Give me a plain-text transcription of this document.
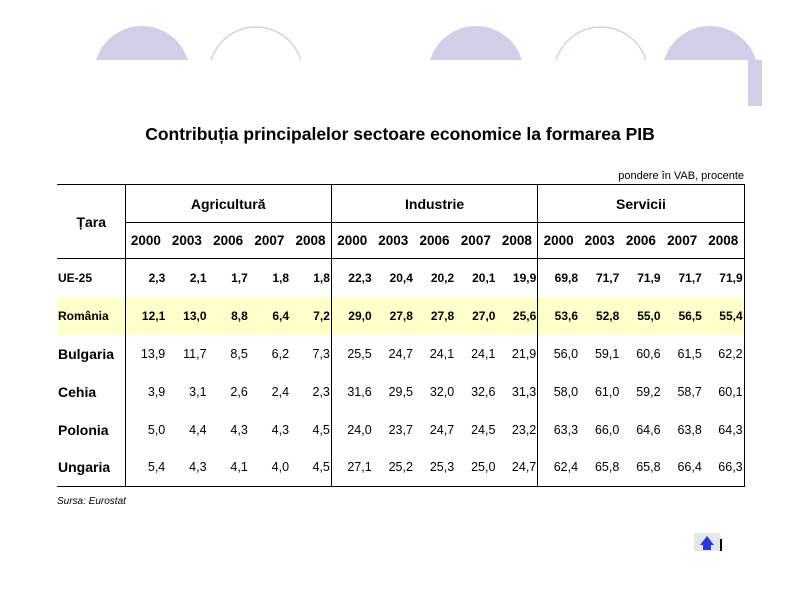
Contribuția principalelor sectoare economice la formarea PIB
pondere în VAB, procente
Țara	Agricultură					Industrie					Servicii				
	2000	2003	2006	2007	2008	2000	2003	2006	2007	2008	2000	2003	2006	2007	2008
UE-25	2,3	2,1	1,7	1,8	1,8	22,3	20,4	20,2	20,1	19,9	69,8	71,7	71,9	71,7	71,9
România	12,1	13,0	8,8	6,4	7,2	29,0	27,8	27,8	27,0	25,6	53,6	52,8	55,0	56,5	55,4
Bulgaria	13,9	11,7	8,5	6,2	7,3	25,5	24,7	24,1	24,1	21,9	56,0	59,1	60,6	61,5	62,2
Cehia	3,9	3,1	2,6	2,4	2,3	31,6	29,5	32,0	32,6	31,3	58,0	61,0	59,2	58,7	60,1
Polonia	5,0	4,4	4,3	4,3	4,5	24,0	23,7	24,7	24,5	23,2	63,3	66,0	64,6	63,8	64,3
Ungaria	5,4	4,3	4,1	4,0	4,5	27,1	25,2	25,3	25,0	24,7	62,4	65,8	65,8	66,4	66,3
Sursa: Eurostat
